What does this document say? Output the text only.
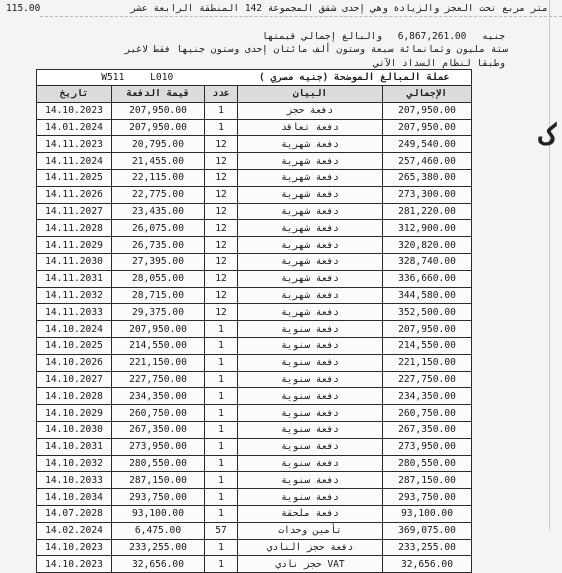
115.00	متر مربع تحت العجز والزيادة وهي إحدى شقق المجموعة 142 المنطقة الرابعة عشر
جنيه 6,867,261.00 والبالغ إجمالي قيمتها
ستة مليون وثمانمائة سبعة وستون ألف مائتان إحدى وستون جنيها فقط لاغير
وطبقا لنظام السداد الآتي
W511 L010			عملة المبالغ الموضحة (جنيه مصري )	
تاريخ	قيمة الدفعة	عدد	البيان	الإجمالي
14.10.2023	207,950.00	1	دفعة حجز	207,950.00
14.01.2024	207,950.00	1	دفعة تعاقد	207,950.00
14.11.2023	20,795.00	12	دفعة شهرية	249,540.00
14.11.2024	21,455.00	12	دفعة شهرية	257,460.00
14.11.2025	22,115.00	12	دفعة شهرية	265,380.00
14.11.2026	22,775.00	12	دفعة شهرية	273,300.00
14.11.2027	23,435.00	12	دفعة شهرية	281,220.00
14.11.2028	26,075.00	12	دفعة شهرية	312,900.00
14.11.2029	26,735.00	12	دفعة شهرية	320,820.00
14.11.2030	27,395.00	12	دفعة شهرية	328,740.00
14.11.2031	28,055.00	12	دفعة شهرية	336,660.00
14.11.2032	28,715.00	12	دفعة شهرية	344,580.00
14.11.2033	29,375.00	12	دفعة شهرية	352,500.00
14.10.2024	207,950.00	1	دفعة سنوية	207,950.00
14.10.2025	214,550.00	1	دفعة سنوية	214,550.00
14.10.2026	221,150.00	1	دفعة سنوية	221,150.00
14.10.2027	227,750.00	1	دفعة سنوية	227,750.00
14.10.2028	234,350.00	1	دفعة سنوية	234,350.00
14.10.2029	260,750.00	1	دفعة سنوية	260,750.00
14.10.2030	267,350.00	1	دفعة سنوية	267,350.00
14.10.2031	273,950.00	1	دفعة سنوية	273,950.00
14.10.2032	280,550.00	1	دفعة سنوية	280,550.00
14.10.2033	287,150.00	1	دفعة سنوية	287,150.00
14.10.2034	293,750.00	1	دفعة سنوية	293,750.00
14.07.2028	93,100.00	1	دفعة ملحقة	93,100.00
14.02.2024	6,475.00	57	تأمين وحدات	369,075.00
14.10.2023	233,255.00	1	دفعة حجز النادي	233,255.00
14.10.2023	32,656.00	1	VAT حجز نادي	32,656.00
ک
